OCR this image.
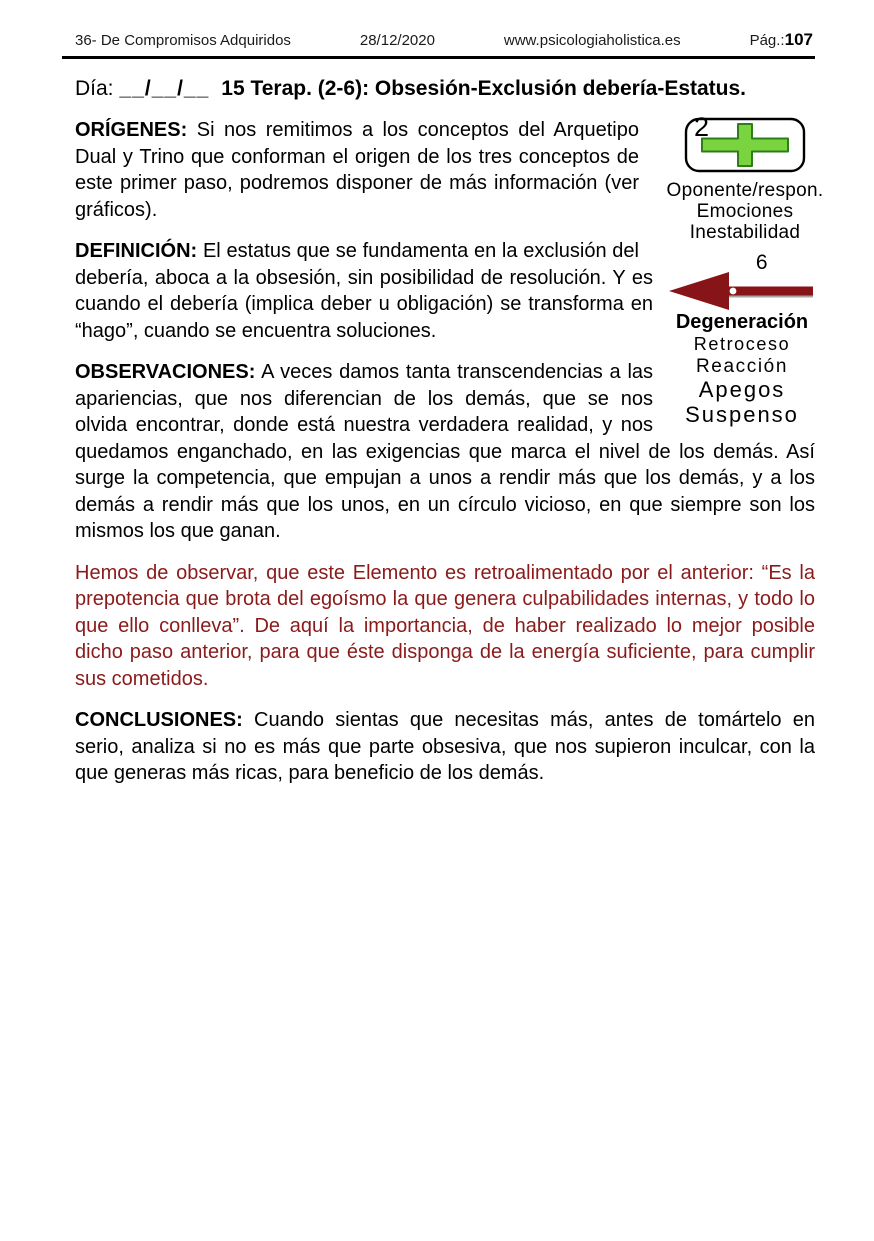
36- De Compromisos Adquiridos	28/12/2020	www.psicologiaholistica.es	Pág.:107
Día: __/__/__ 15 Terap. (2-6): Obsesión-Exclusión debería-Estatus.
2
Oponente/respon.
Emociones
Inestabilidad

ORÍGENES: Si nos remitimos a los conceptos del Arquetipo Dual y Trino que conforman el origen de los tres conceptos de este primer paso, podremos disponer de más información (ver gráficos).

6
Degeneración
Retroceso
Reacción
Apegos
Suspenso

DEFINICIÓN: El estatus que se fundamenta en la exclusión del debería, aboca a la obsesión, sin posibilidad de resolución. Y es cuando el debería (implica deber u obligación) se transforma en “hago”, cuando se encuentra soluciones.

OBSERVACIONES: A veces damos tanta transcendencias a las apariencias, que nos diferencian de los demás, que se nos olvida encontrar, donde está nuestra verdadera realidad, y nos quedamos enganchado, en las exigencias que marca el nivel de los demás. Así surge la competencia, que empujan a unos a rendir más que los demás, y a los demás a rendir más que los unos, en un círculo vicioso, en que siempre son los mismos los que ganan.

Hemos de observar, que este Elemento es retroalimentado por el anterior: “Es la prepotencia que brota del egoísmo la que genera culpabilidades internas, y todo lo que ello conlleva”. De aquí la importancia, de haber realizado lo mejor posible dicho paso anterior, para que éste disponga de la energía suficiente, para cumplir sus cometidos.

CONCLUSIONES: Cuando sientas que necesitas más, antes de tomártelo en serio, analiza si no es más que parte obsesiva, que nos supieron inculcar, con la que generas más ricas, para beneficio de los demás.
